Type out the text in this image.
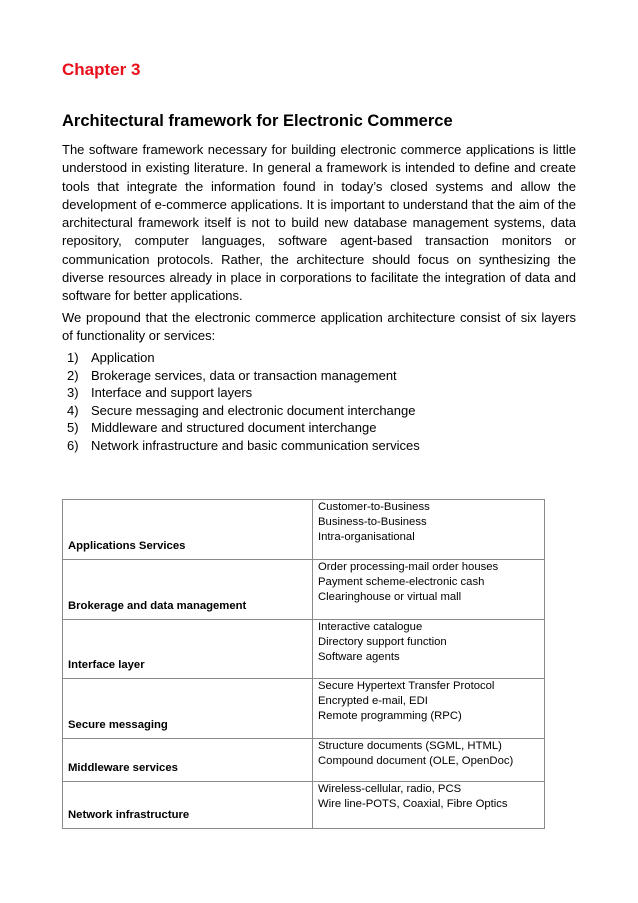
Chapter 3
Architectural framework for Electronic Commerce

The software framework necessary for building electronic commerce applications is little understood in existing literature. In general a framework is intended to define and create tools that integrate the information found in today’s closed systems and allow the development of e-commerce applications. It is important to understand that the aim of the architectural framework itself is not to build new database management systems, data repository, computer languages, software agent-based transaction monitors or communication protocols. Rather, the architecture should focus on synthesizing the diverse resources already in place in corporations to facilitate the integration of data and software for better applications.

We propound that the electronic commerce application architecture consist of six layers of functionality or services:

1) Application
2) Brokerage services, data or transaction management
3) Interface and support layers
4) Secure messaging and electronic document interchange
5) Middleware and structured document interchange
6) Network infrastructure and basic communication services
Applications Services	Customer-to-Business
Business-to-Business
Intra-organisational

Brokerage and data management	Order processing-mail order houses
Payment scheme-electronic cash
Clearinghouse or virtual mall

Interface layer	Interactive catalogue
Directory support function
Software agents

Secure messaging	Secure Hypertext Transfer Protocol
Encrypted e-mail, EDI
Remote programming (RPC)

Middleware services	Structure documents (SGML, HTML)
Compound document (OLE, OpenDoc)

Network infrastructure	Wireless-cellular, radio, PCS
Wire line-POTS, Coaxial, Fibre Optics
